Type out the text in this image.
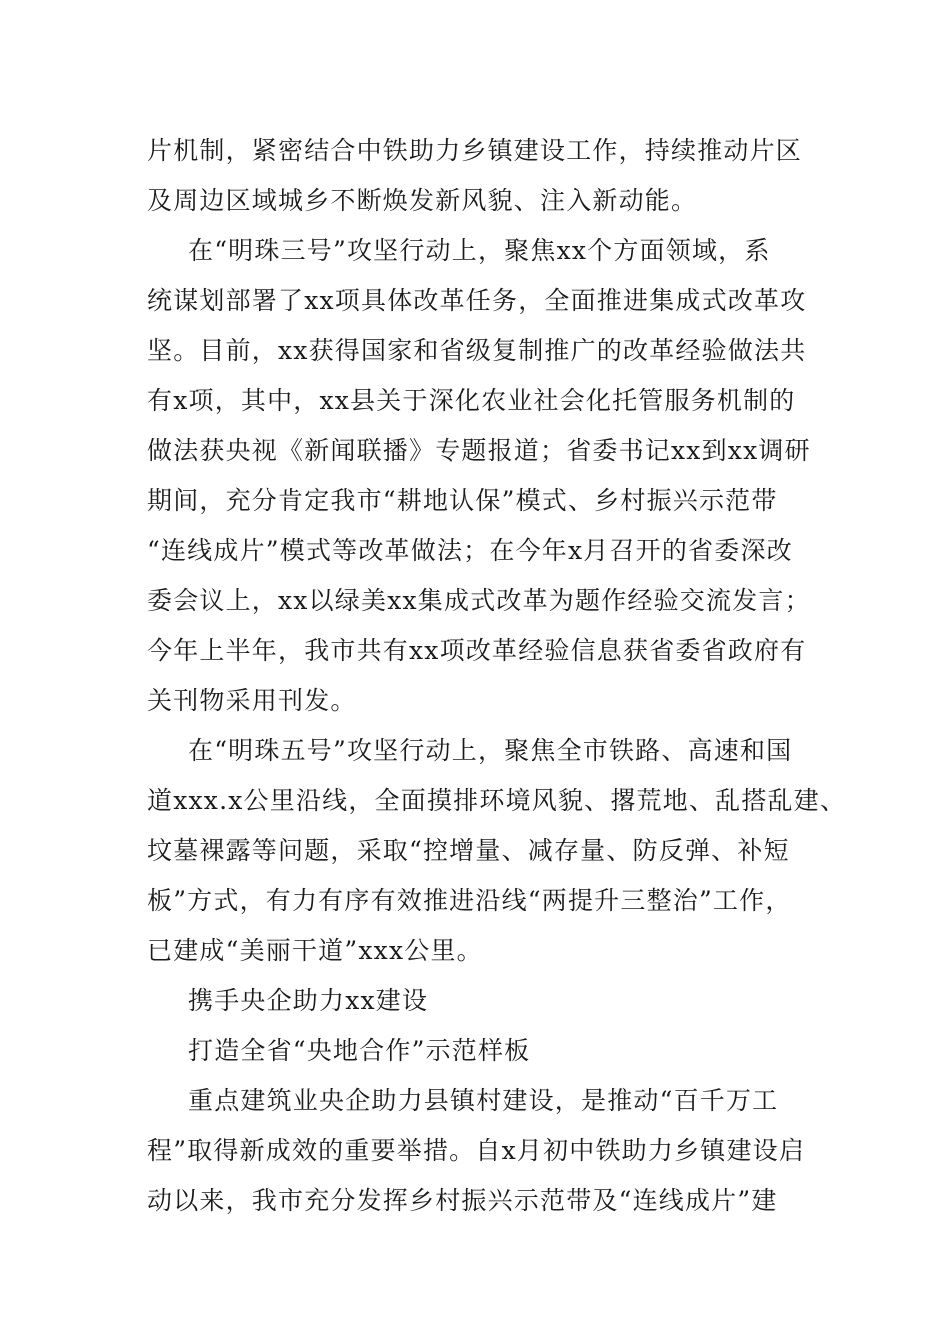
片机制，紧密结合中铁助力乡镇建设工作，持续推动片区
及周边区域城乡不断焕发新风貌、注入新动能。
在“明珠三号”攻坚行动上，聚焦xx个方面领域，系
统谋划部署了xx项具体改革任务，全面推进集成式改革攻
坚。目前，xx获得国家和省级复制推广的改革经验做法共
有x项，其中，xx县关于深化农业社会化托管服务机制的
做法获央视《新闻联播》专题报道；省委书记xx到xx调研
期间，充分肯定我市“耕地认保”模式、乡村振兴示范带
“连线成片”模式等改革做法；在今年x月召开的省委深改
委会议上，xx以绿美xx集成式改革为题作经验交流发言；
今年上半年，我市共有xx项改革经验信息获省委省政府有
关刊物采用刊发。
在“明珠五号”攻坚行动上，聚焦全市铁路、高速和国
道xxx.x公里沿线，全面摸排环境风貌、撂荒地、乱搭乱建、
坟墓裸露等问题，采取“控增量、减存量、防反弹、补短
板”方式，有力有序有效推进沿线“两提升三整治”工作，
已建成“美丽干道”xxx公里。
携手央企助力xx建设
打造全省“央地合作”示范样板
重点建筑业央企助力县镇村建设，是推动“百千万工
程”取得新成效的重要举措。自x月初中铁助力乡镇建设启
动以来，我市充分发挥乡村振兴示范带及“连线成片”建
